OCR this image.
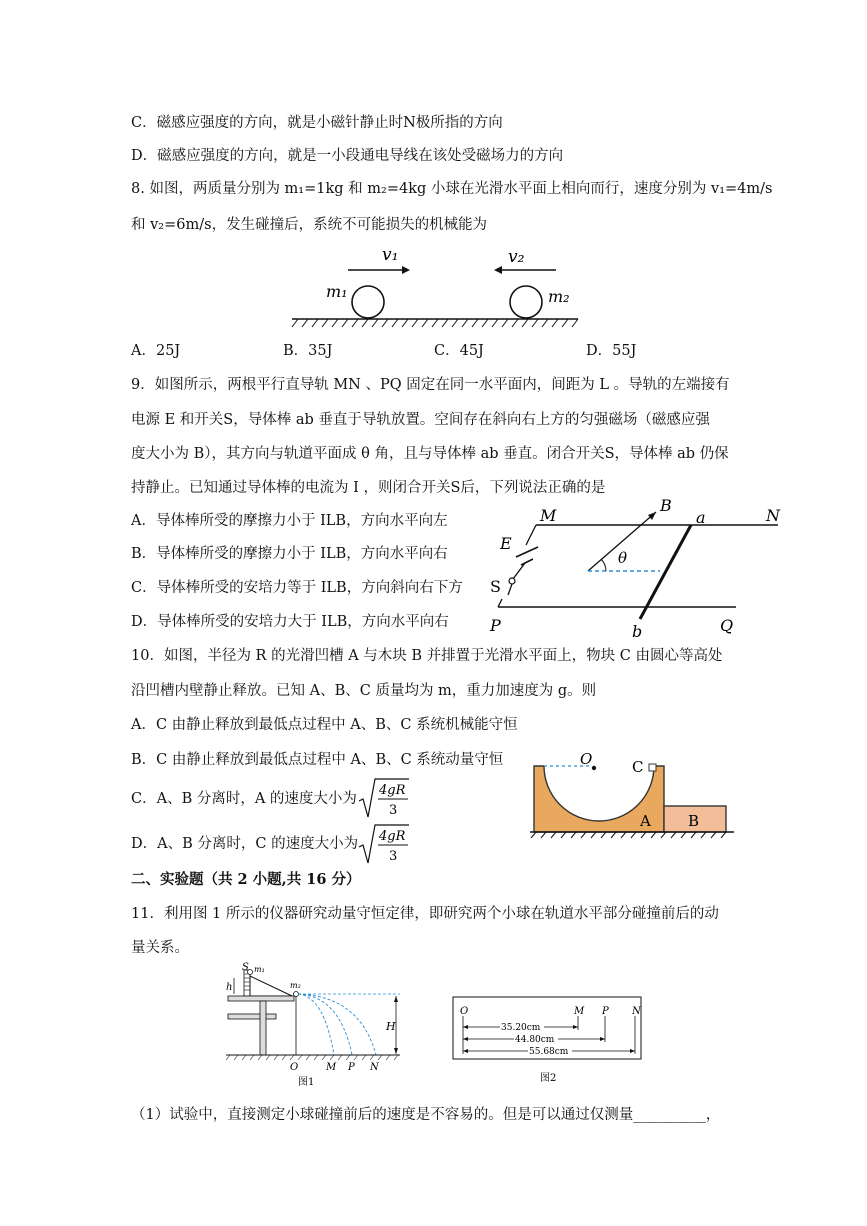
C．磁感应强度的方向，就是小磁针静止时N极所指的方向
D．磁感应强度的方向，就是一小段通电导线在该处受磁场力的方向
8. 如图，两质量分别为 m₁=1kg 和 m₂=4kg 小球在光滑水平面上相向而行，速度分别为 v₁=4m/s
和 v₂=6m/s，发生碰撞后，系统不可能损失的机械能为
v₁	v₂
m₁	m₂
A．25J	B．35J	C．45J	D．55J
9．如图所示，两根平行直导轨 MN 、PQ 固定在同一水平面内，间距为 L 。导轨的左端接有
电源 E 和开关S，导体棒 ab 垂直于导轨放置。空间存在斜向右上方的匀强磁场（磁感应强
度大小为 B），其方向与轨道平面成 θ 角，且与导体棒 ab 垂直。闭合开关S，导体棒 ab 仍保
持静止。已知通过导体棒的电流为 I ，则闭合开关S后，下列说法正确的是
A．导体棒所受的摩擦力小于 ILB，方向水平向左
B．导体棒所受的摩擦力小于 ILB，方向水平向右
C．导体棒所受的安培力等于 ILB，方向斜向右下方
D．导体棒所受的安培力大于 ILB，方向水平向右
B
M	N
a
E
θ
S
P	b	Q
10．如图，半径为 R 的光滑凹槽 A 与木块 B 并排置于光滑水平面上，物块 C 由圆心等高处
沿凹槽内壁静止释放。已知 A、B、C 质量均为 m，重力加速度为 g。则
A．C 由静止释放到最低点过程中 A、B、C 系统机械能守恒
B．C 由静止释放到最低点过程中 A、B、C 系统动量守恒
C．A、B 分离时，A 的速度大小为
D．A、B 分离时，C 的速度大小为
4gR
3
4gR
3
O	C
A B
二、实验题（共 2 小题,共 16 分）
11．利用图 1 所示的仪器研究动量守恒定律，即研究两个小球在轨道水平部分碰撞前后的动
量关系。
S m₁
h	m₂
H
O	M P N
图1
O	M P N
35.20cm
44.80cm
55.68cm
图2
（1）试验中，直接测定小球碰撞前后的速度是不容易的。但是可以通过仅测量__________，
